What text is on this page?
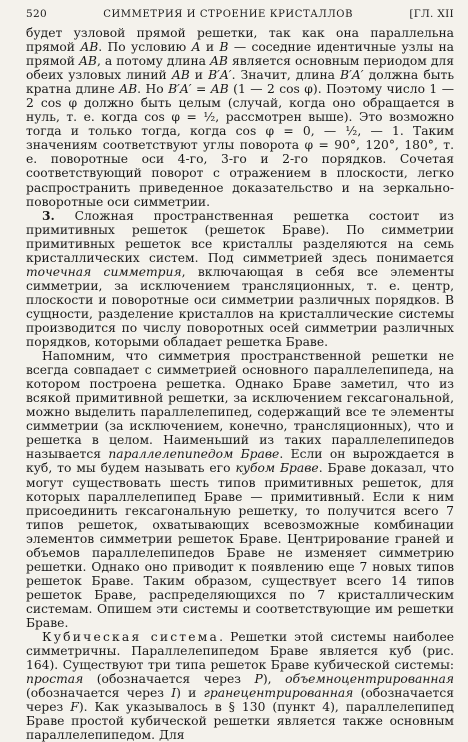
520	СИММЕТРИЯ И СТРОЕНИЕ КРИСТАЛЛОВ	[ГЛ. XII

будет узловой прямой решетки, так как она параллельна прямой AB. По условию A и B — соседние идентичные узлы на прямой AB, а потому длина AB является основным периодом для обеих узловых линий AB и B′A′. Значит, длина B′A′ должна быть кратна длине AB. Но B′A′ = AB (1 — 2 cos φ). Поэтому число 1 — 2 cos φ должно быть целым (случай, когда оно обращается в нуль, т. е. когда cos φ = ½, рассмотрен выше). Это возможно тогда и только тогда, когда cos φ = 0, — ½, — 1. Таким значениям соответствуют углы поворота φ = 90°, 120°, 180°, т. е. поворотные оси 4-го, 3-го и 2-го порядков. Сочетая соответствующий поворот с отражением в плоскости, легко распространить приведенное доказательство и на зеркально-поворотные оси симметрии.

3. Сложная пространственная решетка состоит из примитивных решеток (решеток Браве). По симметрии примитивных решеток все кристаллы разделяются на семь кристаллических систем. Под симметрией здесь понимается точечная симметрия, включающая в себя все элементы симметрии, за исключением трансляционных, т. е. центр, плоскости и поворотные оси симметрии различных порядков. В сущности, разделение кристаллов на кристаллические системы производится по числу поворотных осей симметрии различных порядков, которыми обладает решетка Браве.

Напомним, что симметрия пространственной решетки не всегда совпадает с симметрией основного параллелепипеда, на котором построена решетка. Однако Браве заметил, что из всякой примитивной решетки, за исключением гексагональной, можно выделить параллелепипед, содержащий все те элементы симметрии (за исключением, конечно, трансляционных), что и решетка в целом. Наименьший из таких параллелепипедов называется параллелепипедом Браве. Если он вырождается в куб, то мы будем называть его кубом Браве. Браве доказал, что могут существовать шесть типов примитивных решеток, для которых параллелепипед Браве — примитивный. Если к ним присоединить гексагональную решетку, то получится всего 7 типов решеток, охватывающих всевозможные комбинации элементов симметрии решеток Браве. Центрирование граней и объемов параллелепипедов Браве не изменяет симметрию решетки. Однако оно приводит к появлению еще 7 новых типов решеток Браве. Таким образом, существует всего 14 типов решеток Браве, распределяющихся по 7 кристаллическим системам. Опишем эти системы и соответствующие им решетки Браве.

Кубическая система. Решетки этой системы наиболее симметричны. Параллелепипедом Браве является куб (рис. 164). Существуют три типа решеток Браве кубической системы: простая (обозначается через P), объемноцентрированная (обозначается через I) и гранецентрированная (обозначается через F). Как указывалось в § 130 (пункт 4), параллелепипед Браве простой кубической решетки является также основным параллелепипедом. Для
